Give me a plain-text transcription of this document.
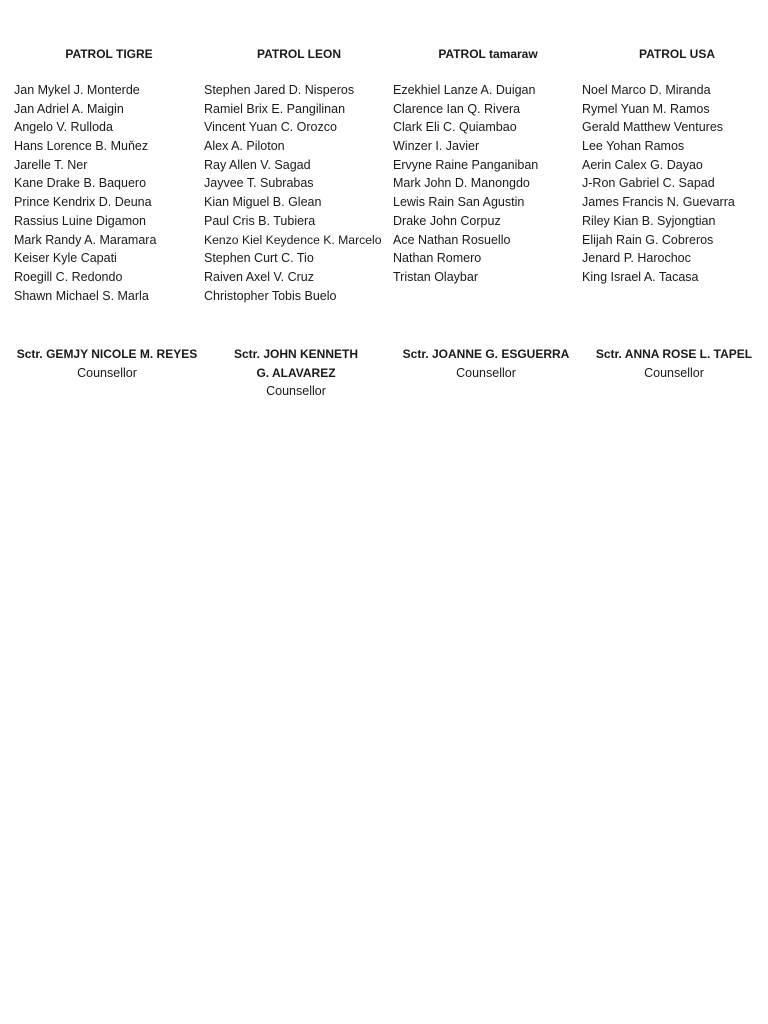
PATROL TIGRE
Jan Mykel J. Monterde
Jan Adriel A. Maigin
Angelo V. Rulloda
Hans Lorence B. Muňez
Jarelle T. Ner
Kane Drake B. Baquero
Prince Kendrix D. Deuna
Rassius Luine Digamon
Mark Randy A. Maramara
Keiser Kyle Capati
Roegill C. Redondo
Shawn Michael S. Marla
PATROL LEON
Stephen Jared D. Nisperos
Ramiel Brix E. Pangilinan
Vincent Yuan C. Orozco
Alex A. Piloton
Ray Allen V. Sagad
Jayvee T. Subrabas
Kian Miguel B. Glean
Paul Cris B. Tubiera
Kenzo Kiel Keydence K. Marcelo
Stephen Curt C. Tio
Raiven Axel V. Cruz
Christopher Tobis Buelo
PATROL tamaraw
Ezekhiel Lanze A. Duigan
Clarence Ian Q. Rivera
Clark Eli C. Quiambao
Winzer I. Javier
Ervyne Raine Panganiban
Mark John D. Manongdo
Lewis Rain San Agustin
Drake John Corpuz
Ace Nathan Rosuello
Nathan Romero
Tristan Olaybar
PATROL USA
Noel Marco D. Miranda
Rymel Yuan M. Ramos
Gerald Matthew Ventures
Lee Yohan Ramos
Aerin Calex G. Dayao
J-Ron Gabriel C. Sapad
James Francis N. Guevarra
Riley Kian B. Syjongtian
Elijah Rain G. Cobreros
Jenard P. Harochoc
King Israel A. Tacasa
Sctr. GEMJY NICOLE M. REYES
Counsellor
Sctr. JOHN KENNETH G. ALAVAREZ
Counsellor
Sctr. JOANNE G. ESGUERRA
Counsellor
Sctr. ANNA ROSE L. TAPEL
Counsellor
